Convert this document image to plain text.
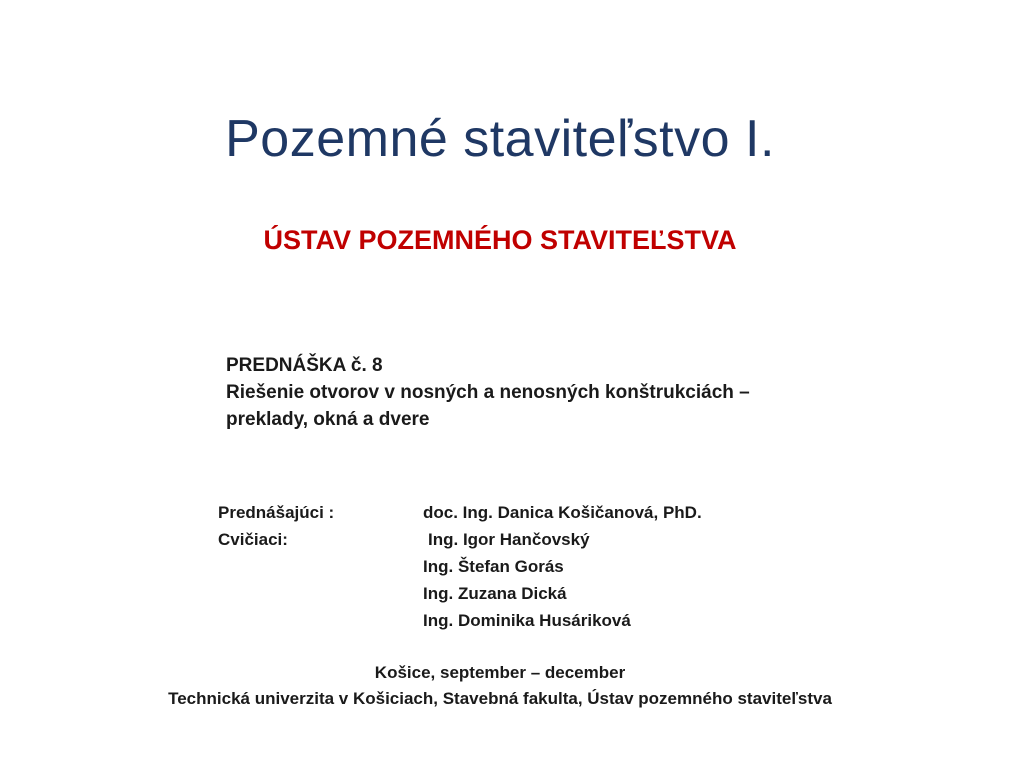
Pozemné staviteľstvo I.
ÚSTAV POZEMNÉHO STAVITEĽSTVA
PREDNÁŠKA č. 8
Riešenie otvorov v nosných a nenosných konštrukciách –
preklady, okná a dvere
Prednášajúci :	doc. Ing. Danica Košičanová, PhD.
Cvičiaci:	Ing. Igor Hančovský
Ing. Štefan Gorás
Ing. Zuzana Dická
Ing. Dominika Husáriková
Košice, september – december
Technická univerzita v Košiciach, Stavebná fakulta, Ústav pozemného staviteľstva
